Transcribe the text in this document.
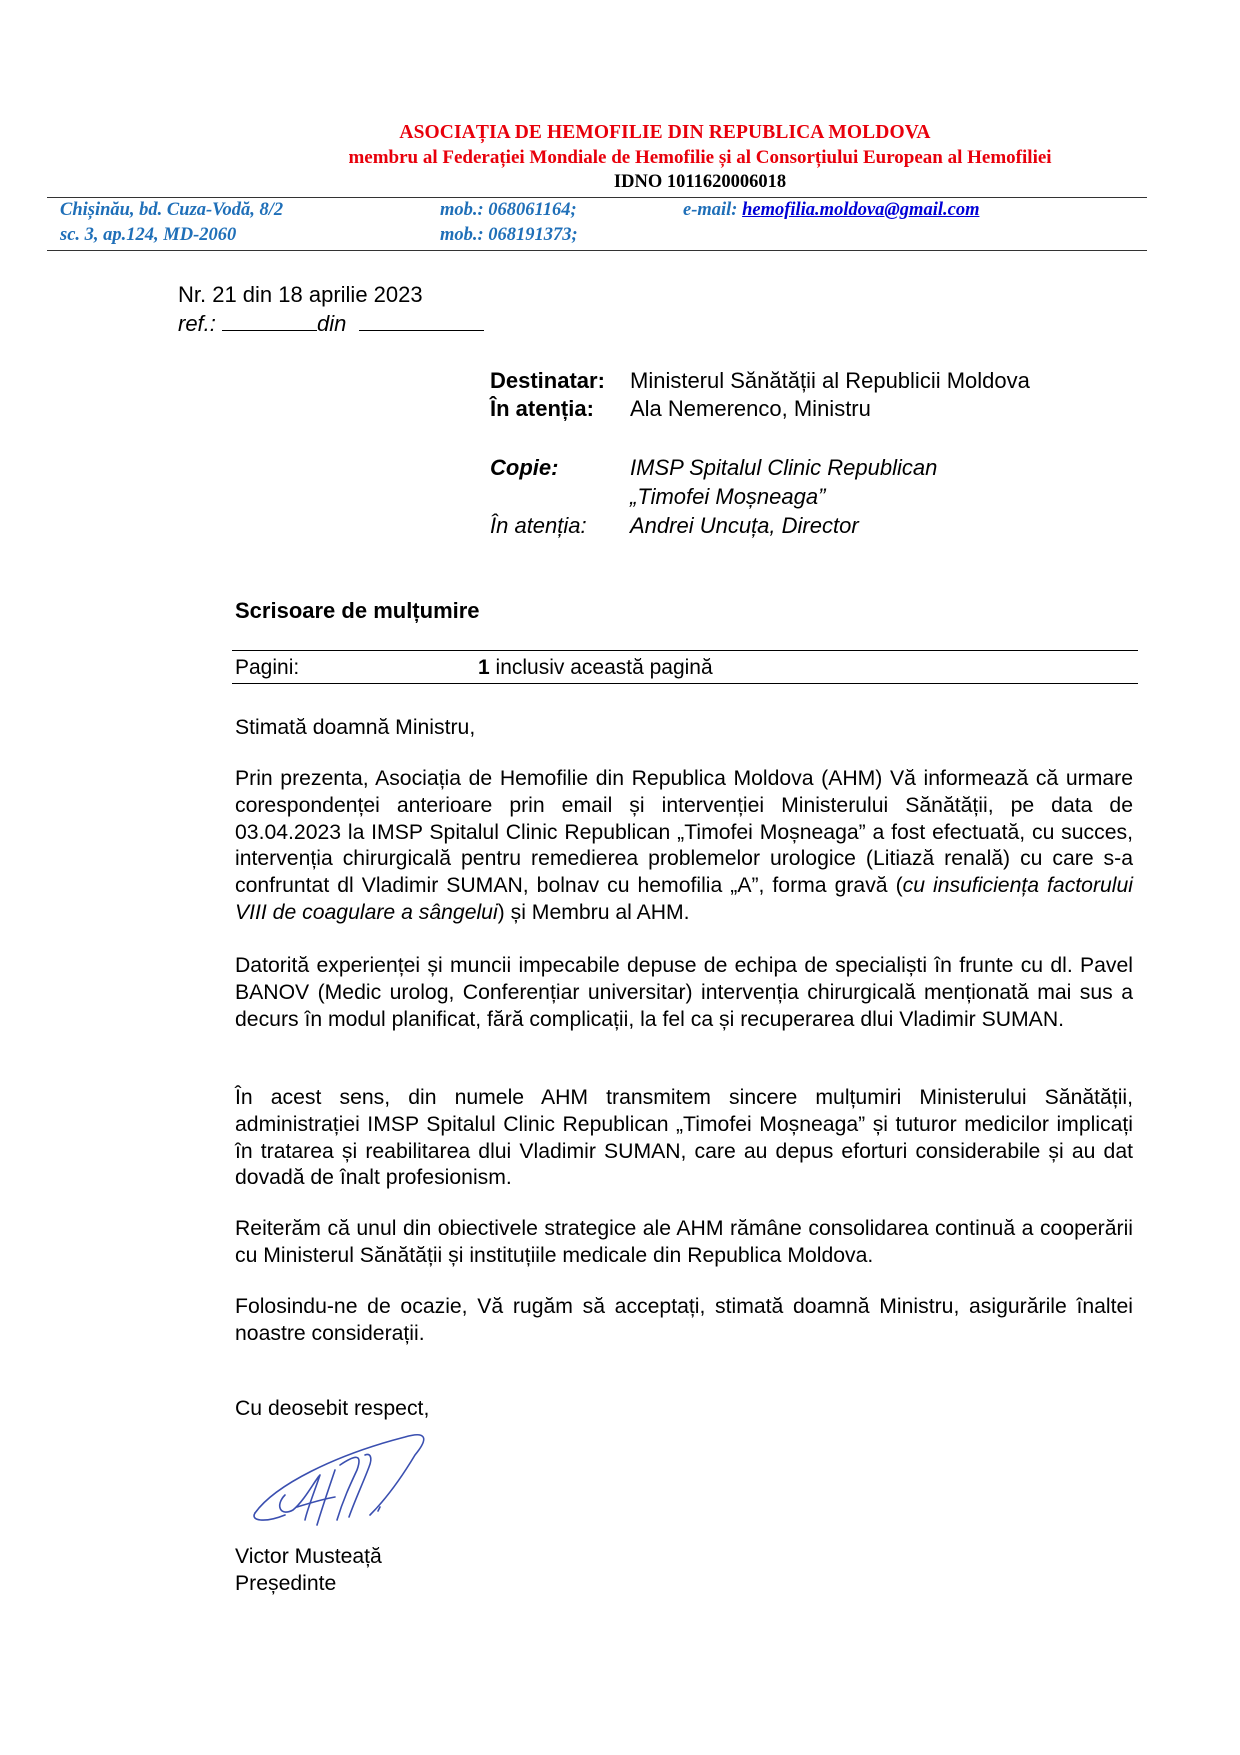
ASOCIAȚIA DE HEMOFILIE DIN REPUBLICA MOLDOVA
membru al Federației Mondiale de Hemofilie și al Consorțiului European al Hemofiliei
IDNO 1011620006018
Chișinău, bd. Cuza-Vodă, 8/2
sc. 3, ap.124, MD-2060
mob.: 068061164;
mob.: 068191373;
e-mail: hemofilia.moldova@gmail.com
Nr. 21 din 18 aprilie 2023
ref.:	din
Destinatar: Ministerul Sănătății al Republicii Moldova
În atenția: Ala Nemerenco, Ministru
Copie:	IMSP Spitalul Clinic Republican
„Timofei Moșneaga”
În atenția: Andrei Uncuța, Director
Scrisoare de mulțumire
Pagini:	1 inclusiv această pagină

Stimată doamnă Ministru,

Prin prezenta, Asociația de Hemofilie din Republica Moldova (AHM) Vă informează că urmare corespondenței anterioare prin email și intervenției Ministerului Sănătății, pe data de 03.04.2023 la IMSP Spitalul Clinic Republican „Timofei Moșneaga” a fost efectuată, cu succes, intervenția chirurgicală pentru remedierea problemelor urologice (Litiază renală) cu care s-a confruntat dl Vladimir SUMAN, bolnav cu hemofilia „A”, forma gravă (cu insuficiența factorului VIII de coagulare a sângelui) și Membru al AHM.

Datorită experienței și muncii impecabile depuse de echipa de specialiști în frunte cu dl. Pavel BANOV (Medic urolog, Conferențiar universitar) intervenția chirurgicală menționată mai sus a decurs în modul planificat, fără complicații, la fel ca și recuperarea dlui Vladimir SUMAN.

În acest sens, din numele AHM transmitem sincere mulțumiri Ministerului Sănătății, administrației IMSP Spitalul Clinic Republican „Timofei Moșneaga” și tuturor medicilor implicați în tratarea și reabilitarea dlui Vladimir SUMAN, care au depus eforturi considerabile și au dat dovadă de înalt profesionism.

Reiterăm că unul din obiectivele strategice ale AHM rămâne consolidarea continuă a cooperării cu Ministerul Sănătății și instituțiile medicale din Republica Moldova.

Folosindu-ne de ocazie, Vă rugăm să acceptați, stimată doamnă Ministru, asigurările înaltei noastre considerații.

Cu deosebit respect,
Victor Musteață
Președinte
